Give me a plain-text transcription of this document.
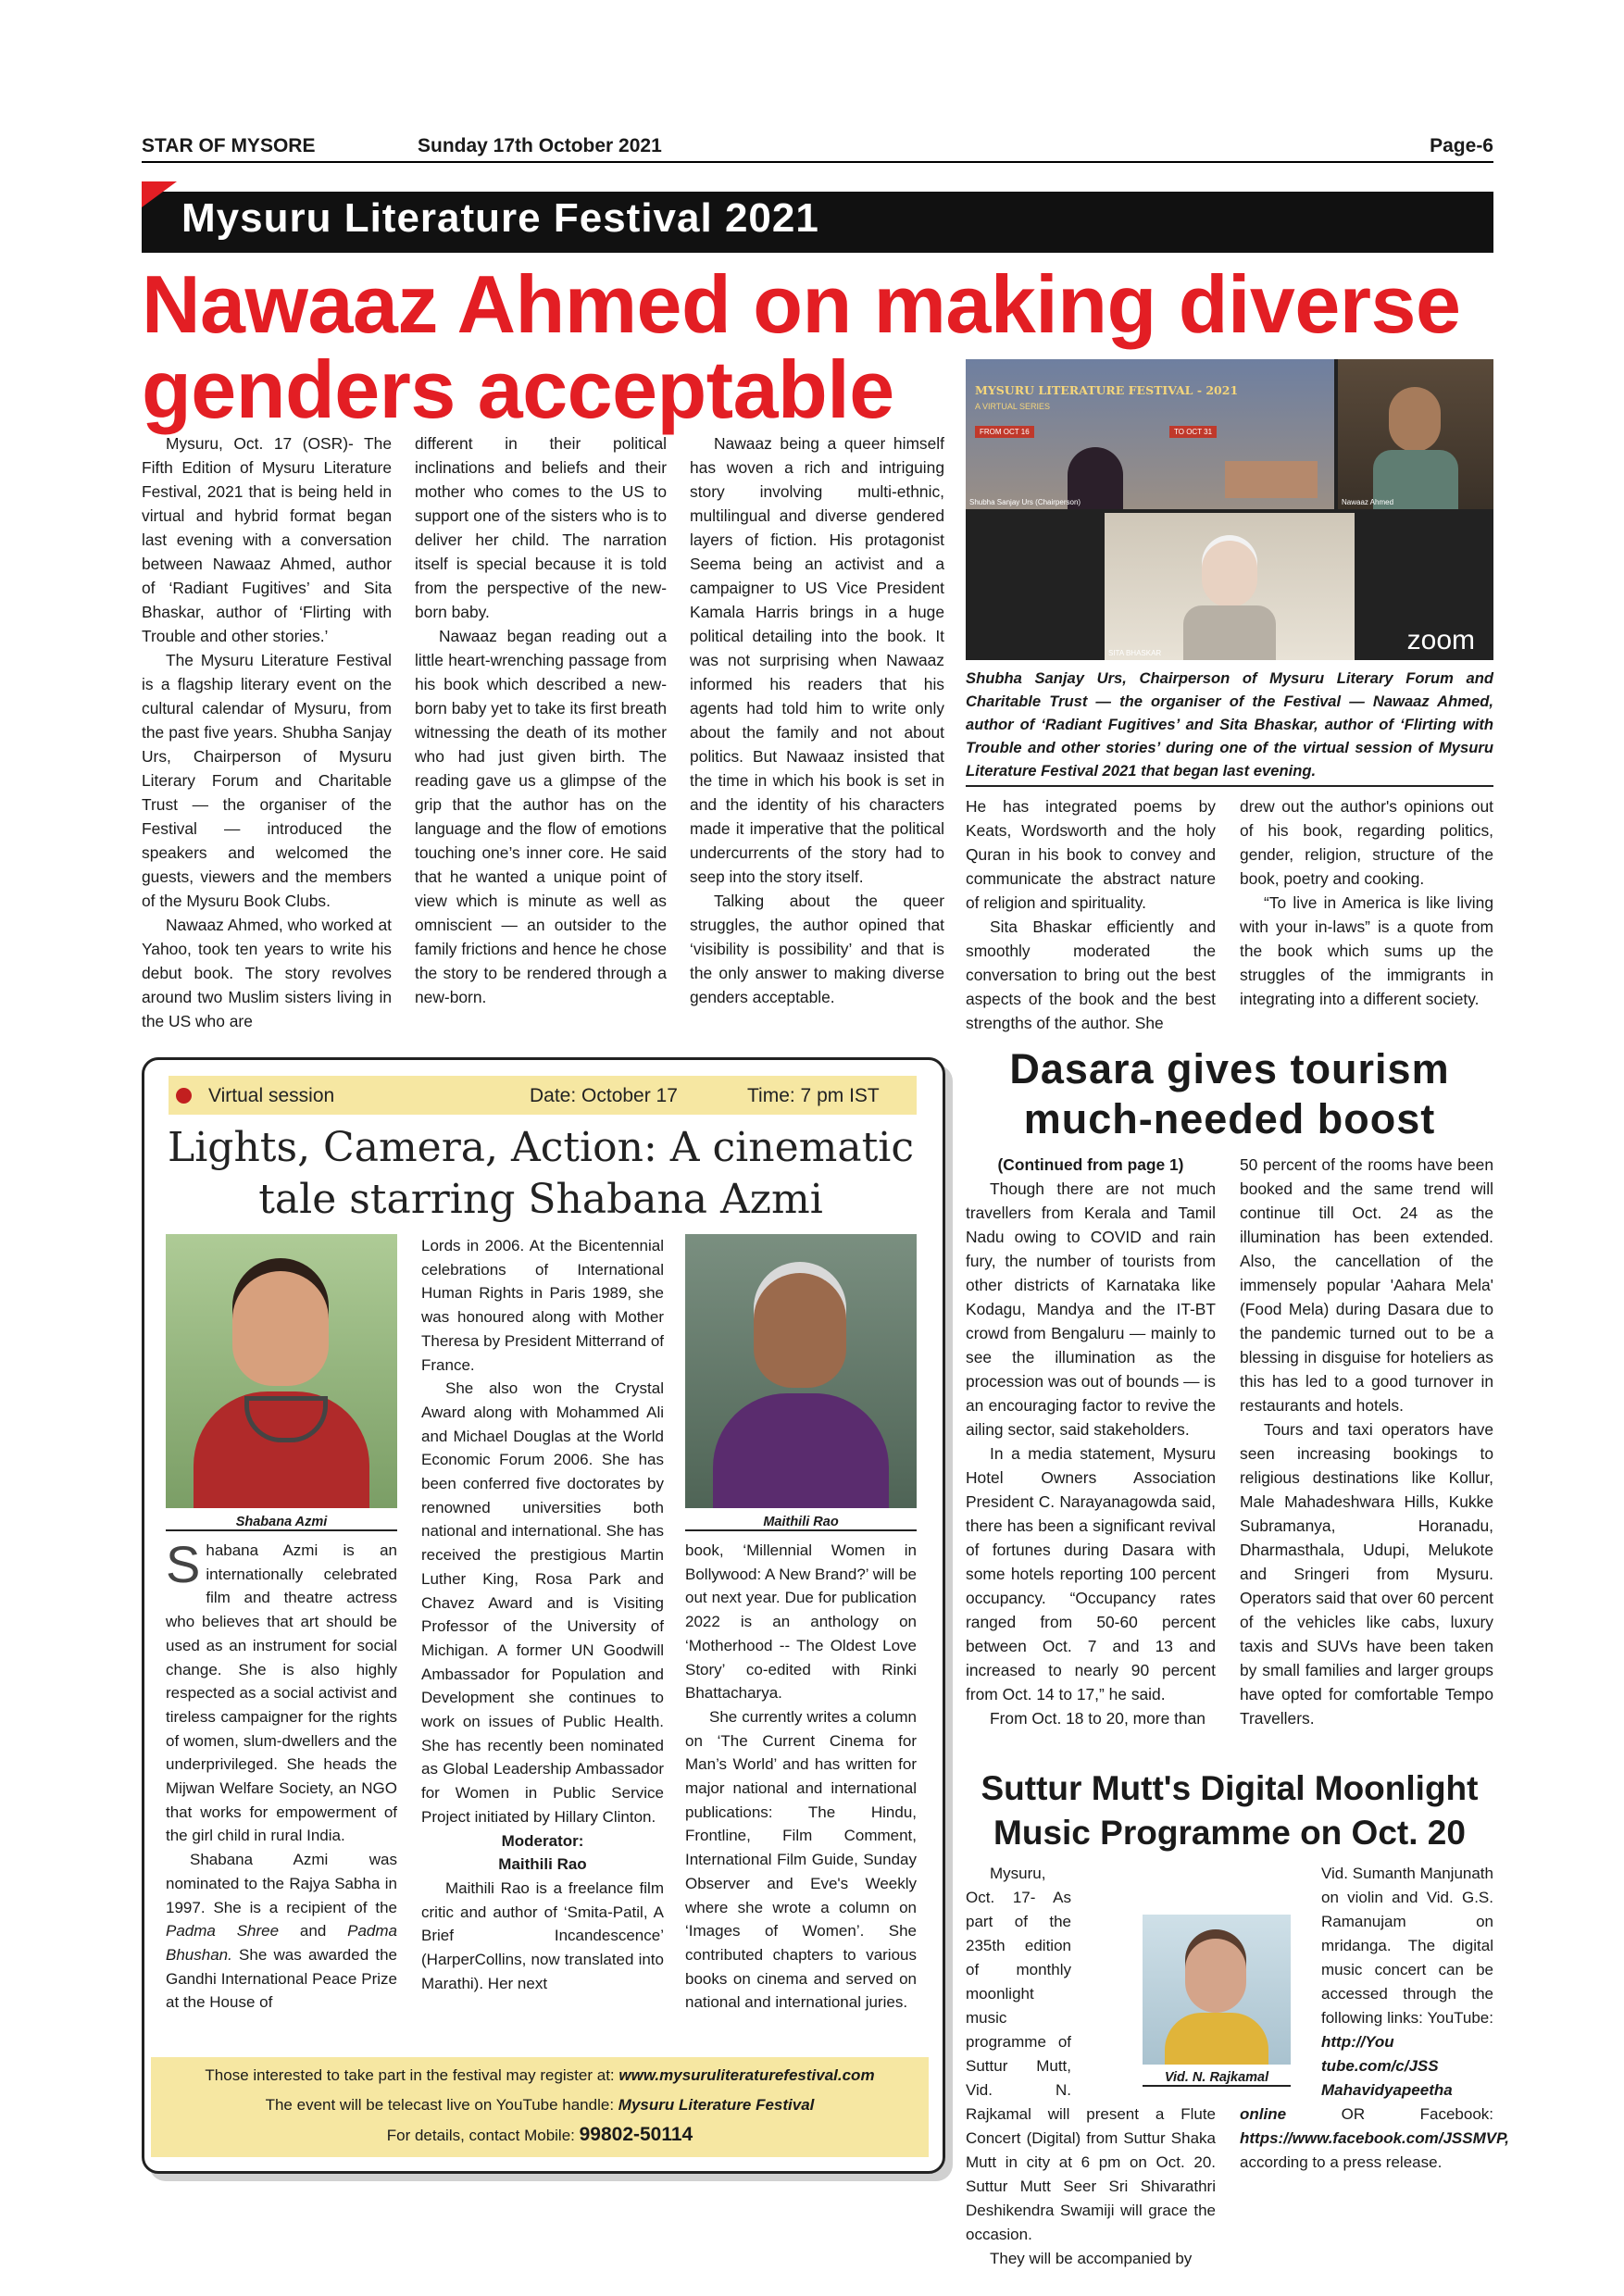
STAR OF MYSORE	Sunday 17th October 2021	Page-6
Mysuru Literature Festival 2021
Nawaaz Ahmed on making diverse
genders acceptable

Mysuru, Oct. 17 (OSR)- The Fifth Edition of Mysuru Literature Festival, 2021 that is being held in virtual and hybrid format began last evening with a conversation between Nawaaz Ahmed, author of ‘Radiant Fugitives’ and Sita Bhaskar, author of ‘Flirting with Trouble and other stories.’

The Mysuru Literature Festival is a flagship literary event on the cultural calendar of Mysuru, from the past five years. Shubha Sanjay Urs, Chairperson of Mysuru Literary Forum and Charitable Trust — the organiser of the Festival — introduced the speakers and welcomed the guests, viewers and the members of the Mysuru Book Clubs.

Nawaaz Ahmed, who worked at Yahoo, took ten years to write his debut book. The story revolves around two Muslim sisters living in the US who are

different in their political inclinations and beliefs and their mother who comes to the US to support one of the sisters who is to deliver her child. The narration itself is special because it is told from the perspective of the new-born baby.

Nawaaz began reading out a little heart-wrenching passage from his book which described a new-born baby yet to take its first breath witnessing the death of its mother who had just given birth. The reading gave us a glimpse of the grip that the author has on the language and the flow of emotions touching one’s inner core. He said that he wanted a unique point of view which is minute as well as omniscient — an outsider to the family frictions and hence he chose the story to be rendered through a new-born.

Nawaaz being a queer himself has woven a rich and intriguing story involving multi-ethnic, multilingual and diverse gendered layers of fiction. His protagonist Seema being an activist and a campaigner to US Vice President Kamala Harris brings in a huge political detailing into the book. It was not surprising when Nawaaz informed his readers that his agents had told him to write only about the family and not about politics. But Nawaaz insisted that the time in which his book is set in and the identity of his characters made it imperative that the political undercurrents of the story had to seep into the story itself.

Talking about the queer struggles, the author opined that ‘visibility is possibility’ and that is the only answer to making diverse genders acceptable.

MYSURU LITERATURE FESTIVAL - 2021
A VIRTUAL SERIES
FROM OCT 16	TO OCT 31
Shubha Sanjay Urs (Chairperson)	Nawaaz Ahmed
SITA BHASKAR	zoom
Shubha Sanjay Urs, Chairperson of Mysuru Literary Forum and Charitable Trust — the organiser of the Festival — Nawaaz Ahmed, author of ‘Radiant Fugitives’ and Sita Bhaskar, author of ‘Flirting with Trouble and other stories’ during one of the virtual session of Mysuru Literature Festival 2021 that began last evening.

He has integrated poems by Keats, Wordsworth and the holy Quran in his book to convey and communicate the abstract nature of religion and spirituality.

Sita Bhaskar efficiently and smoothly moderated the conversation to bring out the best aspects of the book and the best strengths of the author. She

drew out the author's opinions out of his book, regarding politics, gender, religion, structure of the book, poetry and cooking.

“To live in America is like living with your in-laws” is a quote from the book which sums up the struggles of the immigrants in integrating into a different society.

Virtual session	Date: October 17	Time: 7 pm IST
Lights, Camera, Action: A cinematic
tale starring Shabana Azmi
Shabana Azmi	Maithili Rao

Shabana Azmi is an internationally celebrated film and theatre actress who believes that art should be used as an instrument for social change. She is also highly respected as a social activist and tireless campaigner for the rights of women, slum-dwellers and the underprivileged. She heads the Mijwan Welfare Society, an NGO that works for empowerment of the girl child in rural India.

Shabana Azmi was nominated to the Rajya Sabha in 1997. She is a recipient of the Padma Shree and Padma Bhushan. She was awarded the Gandhi International Peace Prize at the House of

Lords in 2006. At the Bicentennial celebrations of International Human Rights in Paris 1989, she was honoured along with Mother Theresa by President Mitterrand of France.

She also won the Crystal Award along with Mohammed Ali and Michael Douglas at the World Economic Forum 2006. She has been conferred five doctorates by renowned universities both national and international. She has received the prestigious Martin Luther King, Rosa Park and Chavez Award and is Visiting Professor of the University of Michigan. A former UN Goodwill Ambassador for Population and Development she continues to work on issues of Public Health. She has recently been nominated as Global Leadership Ambassador for Women in Public Service Project initiated by Hillary Clinton.

Moderator:
Maithili Rao

Maithili Rao is a freelance film critic and author of ‘Smita-Patil, A Brief Incandescence’ (HarperCollins, now translated into Marathi). Her next

book, ‘Millennial Women in Bollywood: A New Brand?’ will be out next year. Due for publication 2022 is an anthology on ‘Motherhood -- The Oldest Love Story’ co-edited with Rinki Bhattacharya.

She currently writes a column on ‘The Current Cinema for Man’s World’ and has written for major national and international publications: The Hindu, Frontline, Film Comment, International Film Guide, Sunday Observer and Eve's Weekly where she wrote a column on ‘Images of Women’. She contributed chapters to various books on cinema and served on national and international juries.

Those interested to take part in the festival may register at: www.mysuruliteraturefestival.com
The event will be telecast live on YouTube handle: Mysuru Literature Festival
For details, contact Mobile: 99802-50114
Dasara gives tourism
much-needed boost
(Continued from page 1)

Though there are not much travellers from Kerala and Tamil Nadu owing to COVID and rain fury, the number of tourists from other districts of Karnataka like Kodagu, Mandya and the IT-BT crowd from Bengaluru — mainly to see the illumination as the procession was out of bounds — is an encouraging factor to revive the ailing sector, said stakeholders.

In a media statement, Mysuru Hotel Owners Association President C. Narayanagowda said, there has been a significant revival of fortunes during Dasara with some hotels reporting 100 percent occupancy. “Occupancy rates ranged from 50-60 percent between Oct. 7 and 13 and increased to nearly 90 percent from Oct. 14 to 17,” he said.

From Oct. 18 to 20, more than

50 percent of the rooms have been booked and the same trend will continue till Oct. 24 as the illumination has been extended. Also, the cancellation of the immensely popular 'Aahara Mela' (Food Mela) during Dasara due to the pandemic turned out to be a blessing in disguise for hoteliers as this has led to a good turnover in restaurants and hotels.

Tours and taxi operators have seen increasing bookings to religious destinations like Kollur, Male Mahadeshwara Hills, Kukke Subramanya, Horanadu, Dharmasthala, Udupi, Melukote and Sringeri from Mysuru. Operators said that over 60 percent of the vehicles like cabs, luxury taxis and SUVs have been taken by small families and larger groups have opted for comfortable Tempo Travellers.

Suttur Mutt's Digital Moonlight
Music Programme on Oct. 20

Mysuru, Oct. 17- As part of the 235th edition of monthly moonlight music programme of Suttur Mutt, Vid. N. Rajkamal will present a Flute Concert (Digital) from Suttur Shaka Mutt in city at 6 pm on Oct. 20. Suttur Mutt Seer Sri Shivarathri Deshikendra Swamiji will grace the occasion.

They will be accompanied by

Vid. N. Rajkamal

Vid. Sumanth Manjunath on violin and Vid. G.S. Ramanujam on mridanga. The digital music concert can be accessed through the following links: YouTube: http://You tube.com/c/JSS Mahavidyapeetha online OR Facebook: https://www.facebook.com/JSSMVP, according to a press release.
